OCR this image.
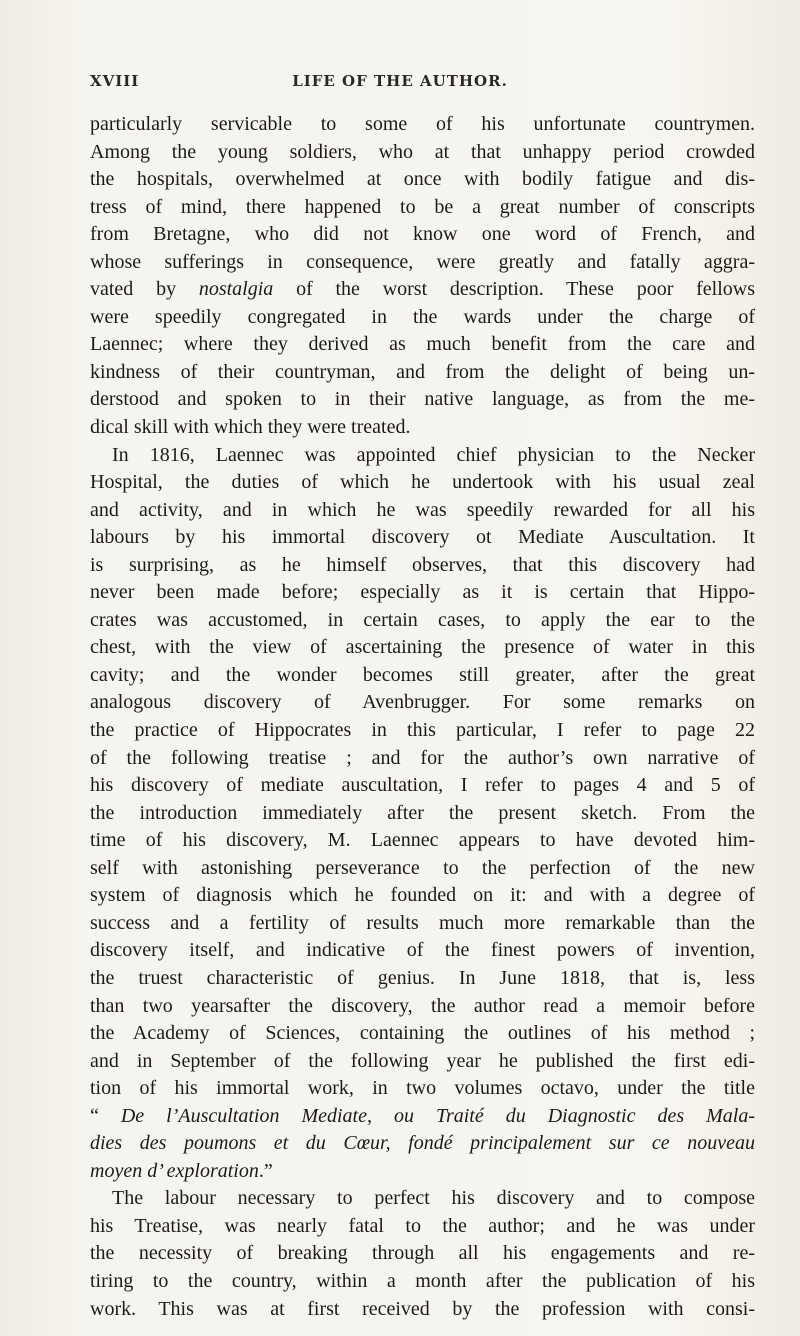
XVIII	LIFE OF THE AUTHOR.
particularly servicable to some of his unfortunate countrymen.
Among the young soldiers, who at that unhappy period crowded
the hospitals, overwhelmed at once with bodily fatigue and dis-
tress of mind, there happened to be a great number of conscripts
from Bretagne, who did not know one word of French, and
whose sufferings in consequence, were greatly and fatally aggra-
vated by nostalgia of the worst description. These poor fellows
were speedily congregated in the wards under the charge of
Laennec; where they derived as much benefit from the care and
kindness of their countryman, and from the delight of being un-
derstood and spoken to in their native language, as from the me-
dical skill with which they were treated.
In 1816, Laennec was appointed chief physician to the Necker
Hospital, the duties of which he undertook with his usual zeal
and activity, and in which he was speedily rewarded for all his
labours by his immortal discovery ot Mediate Auscultation. It
is surprising, as he himself observes, that this discovery had
never been made before; especially as it is certain that Hippo-
crates was accustomed, in certain cases, to apply the ear to the
chest, with the view of ascertaining the presence of water in this
cavity; and the wonder becomes still greater, after the great
analogous discovery of Avenbrugger. For some remarks on
the practice of Hippocrates in this particular, I refer to page 22
of the following treatise ; and for the author’s own narrative of
his discovery of mediate auscultation, I refer to pages 4 and 5 of
the introduction immediately after the present sketch. From the
time of his discovery, M. Laennec appears to have devoted him-
self with astonishing perseverance to the perfection of the new
system of diagnosis which he founded on it: and with a degree of
success and a fertility of results much more remarkable than the
discovery itself, and indicative of the finest powers of invention,
the truest characteristic of genius. In June 1818, that is, less
than two yearsafter the discovery, the author read a memoir before
the Academy of Sciences, containing the outlines of his method ;
and in September of the following year he published the first edi-
tion of his immortal work, in two volumes octavo, under the title
“ De l’Auscultation Mediate, ou Traité du Diagnostic des Mala-
dies des poumons et du Cœur, fondé principalement sur ce nouveau
moyen d’ exploration.”
The labour necessary to perfect his discovery and to compose
his Treatise, was nearly fatal to the author; and he was under
the necessity of breaking through all his engagements and re-
tiring to the country, within a month after the publication of his
work. This was at first received by the profession with consi-
